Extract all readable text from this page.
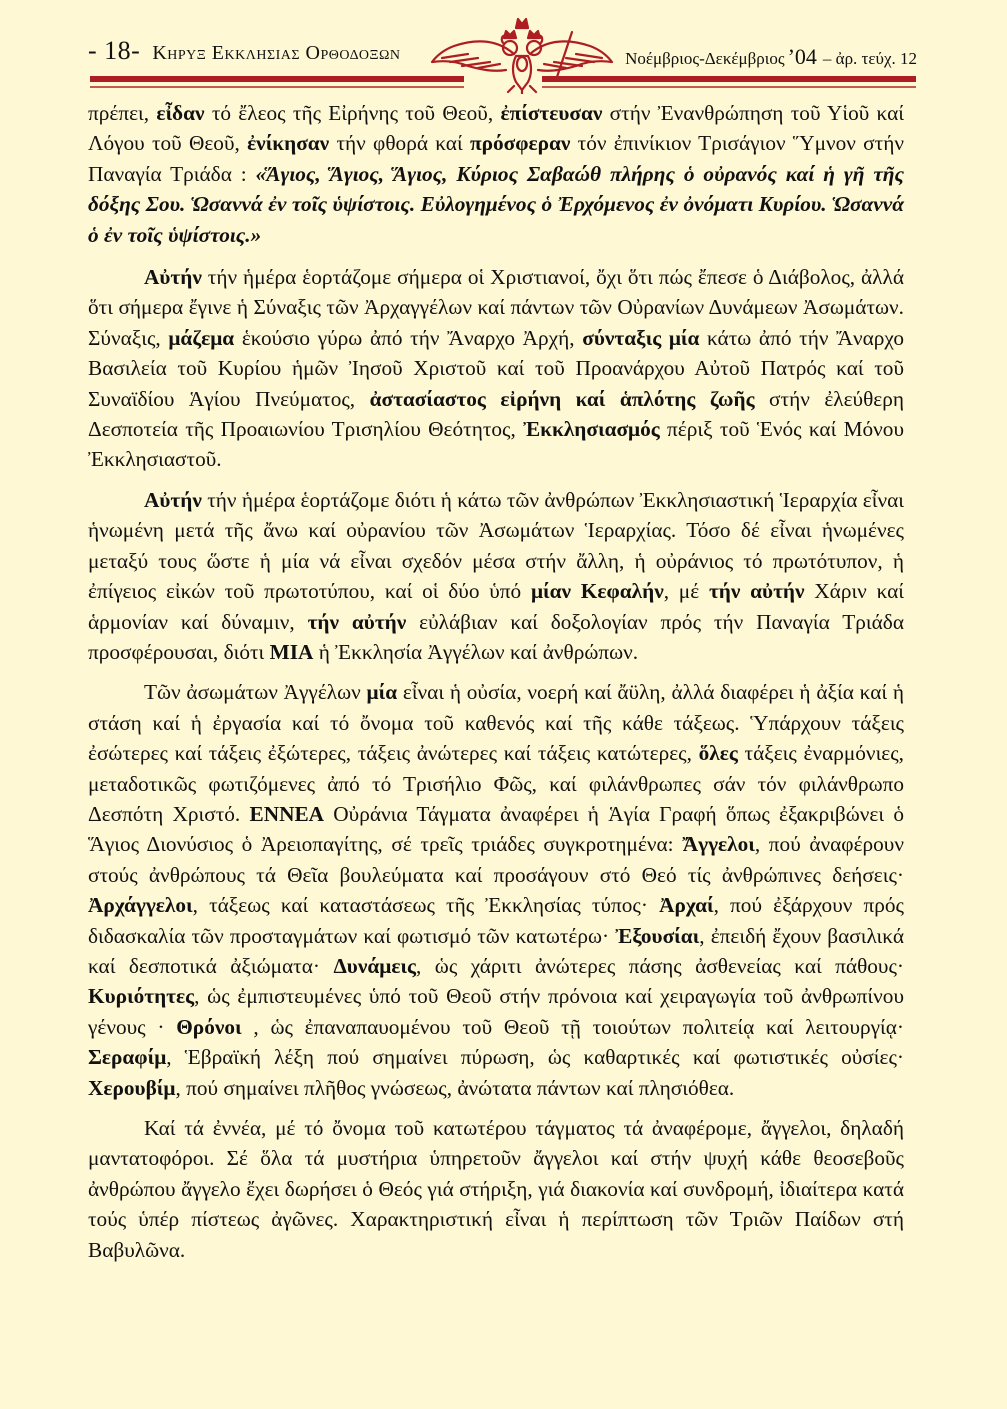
- 18- Κηρυξ Εκκλησιας Ορθοδοξων	Νοέμβριος-Δεκέμβριος ’04 – ἀρ. τεύχ. 12

πρέπει, εἶδαν τό ἔλεος τῆς Εἰρήνης τοῦ Θεοῦ, ἐπίστευσαν στήν Ἐνανθρώπηση τοῦ Υἱοῦ καί Λόγου τοῦ Θεοῦ, ἐνίκησαν τήν φθορά καί πρόσφεραν τόν ἐπινίκιον Τρισάγιον Ὕμνον στήν Παναγία Τριάδα : «Ἅγιος, Ἅγιος, Ἅγιος, Κύριος Σαβαώθ πλήρης ὁ οὐρανός καί ἡ γῆ τῆς δόξης Σου. Ὡσαννά ἐν τοῖς ὑψίστοις. Εὐλογημένος ὁ Ἐρχόμενος ἐν ὀνόματι Κυρίου. Ὡσαννά ὁ ἐν τοῖς ὑψίστοις.»

Αὐτήν τήν ἡμέρα ἑορτάζομε σήμερα οἱ Χριστιανοί, ὄχι ὅτι πώς ἔπεσε ὁ Διάβολος, ἀλλά ὅτι σήμερα ἔγινε ἡ Σύναξις τῶν Ἀρχαγγέλων καί πάντων τῶν Οὐρανίων Δυνάμεων Ἀσωμάτων. Σύναξις, μάζεμα ἑκούσιο γύρω ἀπό τήν Ἄναρχο Ἀρχή, σύνταξις μία κάτω ἀπό τήν Ἄναρχο Βασιλεία τοῦ Κυρίου ἡμῶν Ἰησοῦ Χριστοῦ καί τοῦ Προανάρχου Αὐτοῦ Πατρός καί τοῦ Συναϊδίου Ἁγίου Πνεύματος, ἀστασίαστος εἰρήνη καί ἁπλότης ζωῆς στήν ἐλεύθερη Δεσποτεία τῆς Προαιωνίου Τρισηλίου Θεότητος, Ἐκκλησιασμός πέριξ τοῦ Ἑνός καί Μόνου Ἐκκλησιαστοῦ.

Αὐτήν τήν ἡμέρα ἑορτάζομε διότι ἡ κάτω τῶν ἀνθρώπων Ἐκκλησιαστική Ἱεραρχία εἶναι ἡνωμένη μετά τῆς ἄνω καί οὐρανίου τῶν Ἀσωμάτων Ἱεραρχίας. Τόσο δέ εἶναι ἡνωμένες μεταξύ τους ὥστε ἡ μία νά εἶναι σχεδόν μέσα στήν ἄλλη, ἡ οὐράνιος τό πρωτότυπον, ἡ ἐπίγειος εἰκών τοῦ πρωτοτύπου, καί οἱ δύο ὑπό μίαν Κεφαλήν, μέ τήν αὐτήν Χάριν καί ἁρμονίαν καί δύναμιν, τήν αὐτήν εὐλάβιαν καί δοξολογίαν πρός τήν Παναγία Τριάδα προσφέρουσαι, διότι ΜΙΑ ἡ Ἐκκλησία Ἀγγέλων καί ἀνθρώπων.

Τῶν ἀσωμάτων Ἀγγέλων μία εἶναι ἡ οὐσία, νοερή καί ἄϋλη, ἀλλά διαφέρει ἡ ἀξία καί ἡ στάση καί ἡ ἐργασία καί τό ὄνομα τοῦ καθενός καί τῆς κάθε τάξεως. Ὑπάρχουν τάξεις ἐσώτερες καί τάξεις ἐξώτερες, τάξεις ἀνώτερες καί τάξεις κατώτερες, ὅλες τάξεις ἐναρμόνιες, μεταδοτικῶς φωτιζόμενες ἀπό τό Τρισήλιο Φῶς, καί φιλάνθρωπες σάν τόν φιλάνθρωπο Δεσπότη Χριστό. ΕΝΝΕΑ Οὐράνια Τάγματα ἀναφέρει ἡ Ἁγία Γραφή ὅπως ἐξακριβώνει ὁ Ἅγιος Διονύσιος ὁ Ἀρειοπαγίτης, σέ τρεῖς τριάδες συγκροτημένα: Ἄγγελοι, πού ἀναφέρουν στούς ἀνθρώπους τά Θεῖα βουλεύματα καί προσάγουν στό Θεό τίς ἀνθρώπινες δεήσεις· Ἀρχάγγελοι, τάξεως καί καταστάσεως τῆς Ἐκκλησίας τύπος· Ἀρχαί, πού ἐξάρχουν πρός διδασκαλία τῶν προσταγμάτων καί φωτισμό τῶν κατωτέρω· Ἐξουσίαι, ἐπειδή ἔχουν βασιλικά καί δεσποτικά ἀξιώματα· Δυνάμεις, ὡς χάριτι ἀνώτερες πάσης ἀσθενείας καί πάθους· Κυριότητες, ὡς ἐμπιστευμένες ὑπό τοῦ Θεοῦ στήν πρόνοια καί χειραγωγία τοῦ ἀνθρωπίνου γένους · Θρόνοι , ὡς ἐπαναπαυομένου τοῦ Θεοῦ τῇ τοιούτων πολιτείᾳ καί λειτουργίᾳ· Σεραφίμ, Ἑβραϊκή λέξη πού σημαίνει πύρωση, ὡς καθαρτικές καί φωτιστικές οὐσίες· Χερουβίμ, πού σημαίνει πλῆθος γνώσεως, ἀνώτατα πάντων καί πλησιόθεα.

Καί τά ἐννέα, μέ τό ὄνομα τοῦ κατωτέρου τάγματος τά ἀναφέρομε, ἄγγελοι, δηλαδή μαντατοφόροι. Σέ ὅλα τά μυστήρια ὑπηρετοῦν ἄγγελοι καί στήν ψυχή κάθε θεοσεβοῦς ἀνθρώπου ἄγγελο ἔχει δωρήσει ὁ Θεός γιά στήριξη, γιά διακονία καί συνδρομή, ἰδιαίτερα κατά τούς ὑπέρ πίστεως ἀγῶνες. Χαρακτηριστική εἶναι ἡ περίπτωση τῶν Τριῶν Παίδων στή Βαβυλῶνα.
